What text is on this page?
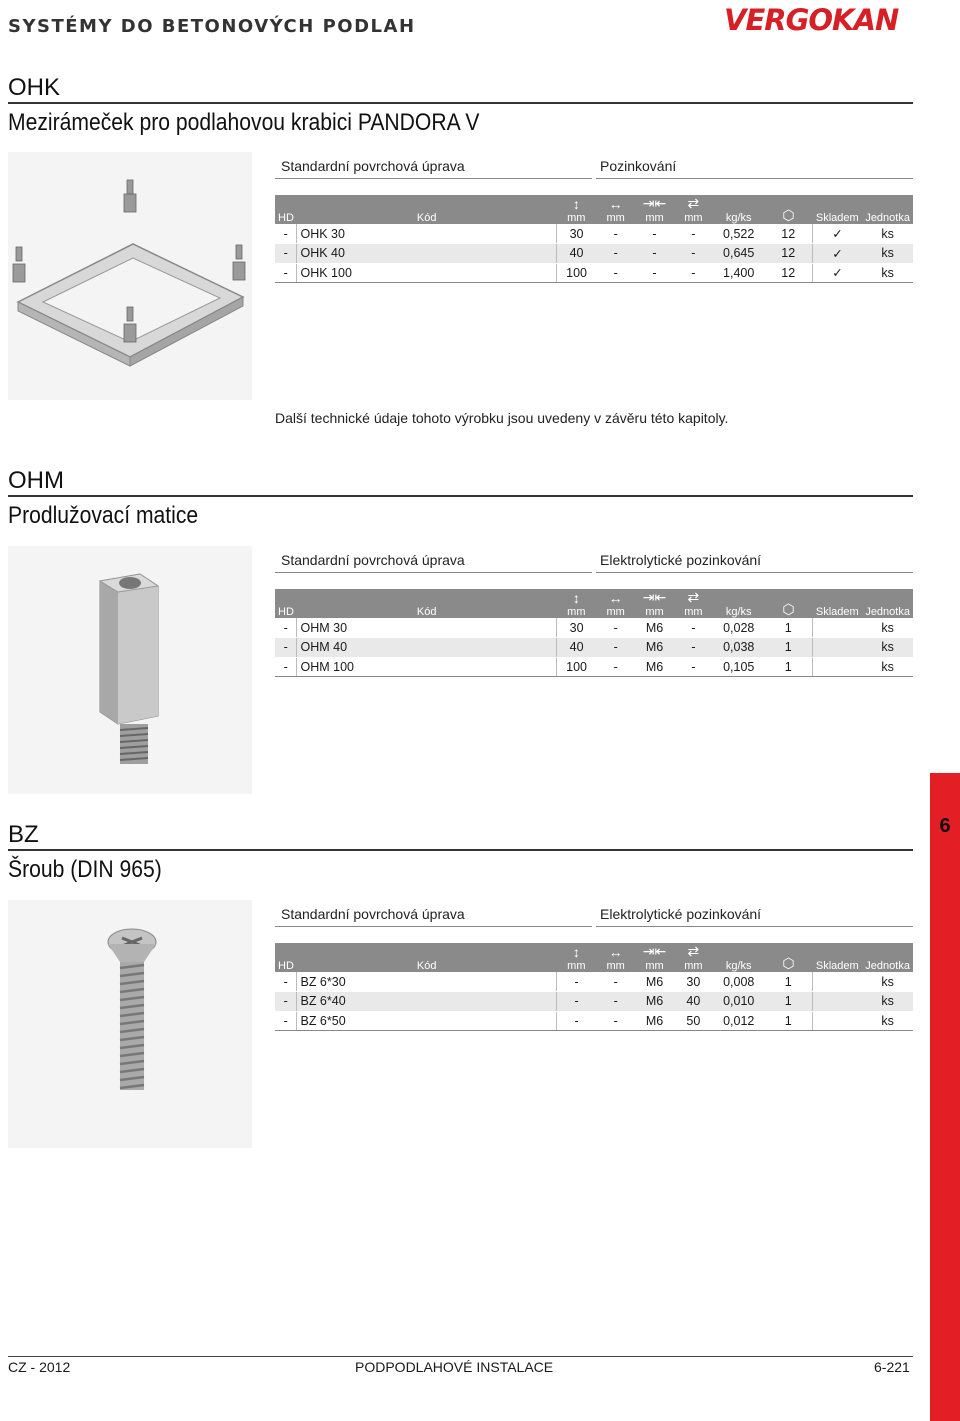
SYSTÉMY DO BETONOVÝCH PODLAH	VERGOKAN
OHK
Mezirámeček pro podlahovou krabici PANDORA V
Standardní povrchová úprava	Pozinkování
HD	Kód	↕
mm	↔
mm	⇥⇤
mm	⇄
mm	kg/ks	⬡	Skladem	Jednotka
-	OHK 30	30	-	-	-	0,522	12	✓	ks
-	OHK 40	40	-	-	-	0,645	12	✓	ks
-	OHK 100	100	-	-	-	1,400	12	✓	ks
Další technické údaje tohoto výrobku jsou uvedeny v závěru této kapitoly.
OHM
Prodlužovací matice
Standardní povrchová úprava	Elektrolytické pozinkování
HD	Kód	↕
mm	↔
mm	⇥⇤
mm	⇄
mm	kg/ks	⬡	Skladem	Jednotka
-	OHM 30	30	-	M6	-	0,028	1		ks
-	OHM 40	40	-	M6	-	0,038	1		ks
-	OHM 100	100	-	M6	-	0,105	1		ks
BZ
Šroub (DIN 965)
Standardní povrchová úprava	Elektrolytické pozinkování
HD	Kód	↕
mm	↔
mm	⇥⇤
mm	⇄
mm	kg/ks	⬡	Skladem	Jednotka
-	BZ 6*30	-	-	M6	30	0,008	1		ks
-	BZ 6*40	-	-	M6	40	0,010	1		ks
-	BZ 6*50	-	-	M6	50	0,012	1		ks
6
CZ - 2012	PODPODLAHOVÉ INSTALACE	6-221
